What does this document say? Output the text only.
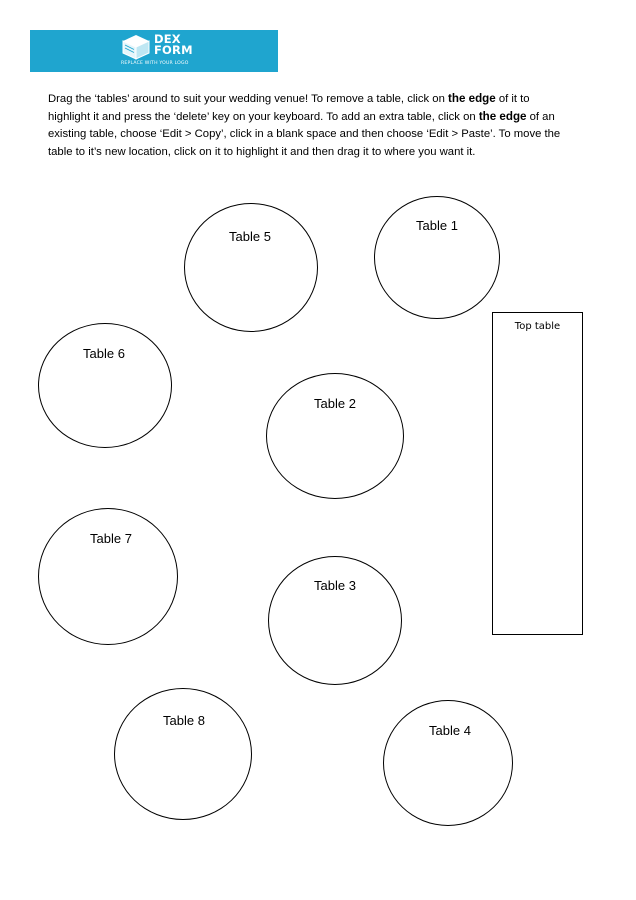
DEX
FORM
REPLACE WITH YOUR LOGO

Drag the ‘tables’ around to suit your wedding venue! To remove a table, click on the edge of it to highlight it and press the ‘delete’ key on your keyboard. To add an extra table, click on the edge of an existing table, choose ‘Edit > Copy’, click in a blank space and then choose ‘Edit > Paste’. To move the table to it’s new location, click on it to highlight it and then drag it to where you want it.

Table 5
Table 1
Table 6
Table 2
Table 7
Table 3
Table 8
Table 4
Top table
